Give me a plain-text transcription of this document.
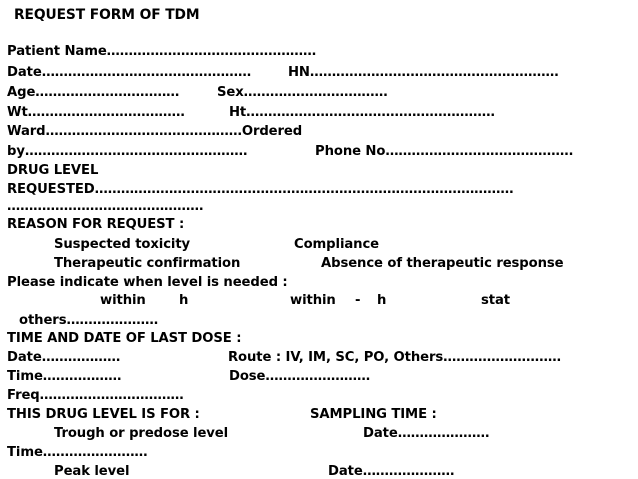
REQUEST FORM OF TDM
Patient Name…………………………………………
Date…………………………………………	HN…………………………………………………
Age……………………………	Sex……………………………
Wt………………………………	Ht…………………………………………………
Ward………………………………………Ordered
by……………………………………………	Phone No…………………………………….
DRUG LEVEL
REQUESTED……………………………………………………………………………………
………………………………………
REASON FOR REQUEST :
Suspected toxicity	Compliance
Therapeutic confirmation	Absence of therapeutic response
Please indicate when level is needed :
within	h	within - h	stat
others…………………
TIME AND DATE OF LAST DOSE :
Date………………	Route : IV, IM, SC, PO, Others………………………
Time………………	Dose……………………
Freq……………………………
THIS DRUG LEVEL IS FOR :	SAMPLING TIME :
Trough or predose level	Date…………………
Time……………………
Peak level	Date…………………
